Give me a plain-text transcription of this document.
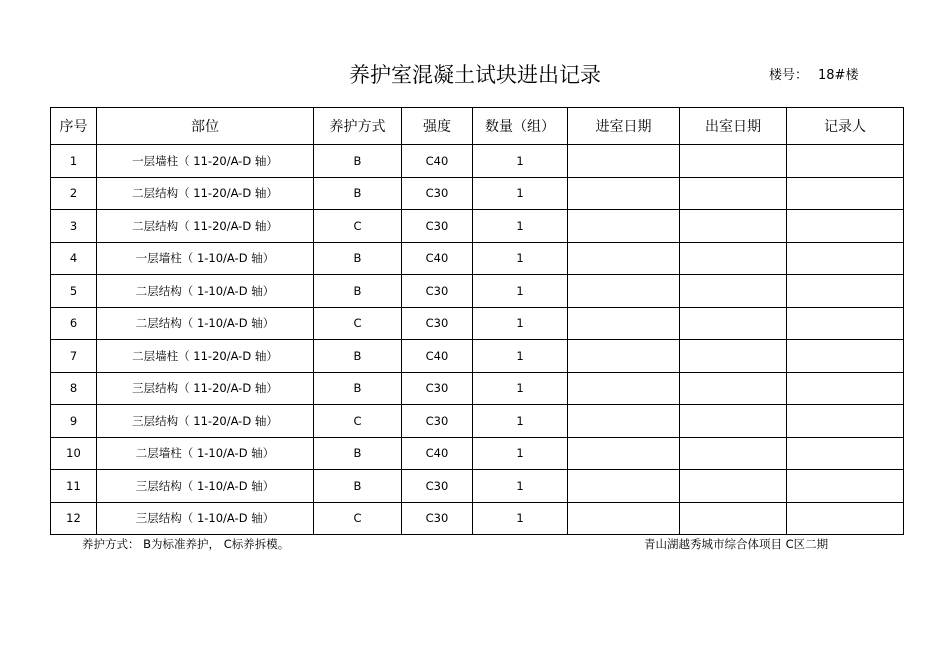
养护室混凝土试块进出记录	楼号： 18#楼
序号	部位	养护方式	强度	数量（组）	进室日期	出室日期	记录人
1	一层墙柱（ 11-20/A-D 轴）	B	C40	1			
2	二层结构（ 11-20/A-D 轴）	B	C30	1			
3	二层结构（ 11-20/A-D 轴）	C	C30	1			
4	一层墙柱（ 1-10/A-D 轴）	B	C40	1			
5	二层结构（ 1-10/A-D 轴）	B	C30	1			
6	二层结构（ 1-10/A-D 轴）	C	C30	1			
7	二层墙柱（ 11-20/A-D 轴）	B	C40	1			
8	三层结构（ 11-20/A-D 轴）	B	C30	1			
9	三层结构（ 11-20/A-D 轴）	C	C30	1			
10	二层墙柱（ 1-10/A-D 轴）	B	C40	1			
11	三层结构（ 1-10/A-D 轴）	B	C30	1			
12	三层结构（ 1-10/A-D 轴）	C	C30	1			
养护方式： B为标准养护， C标养拆模。	青山湖越秀城市综合体项目 C区二期
